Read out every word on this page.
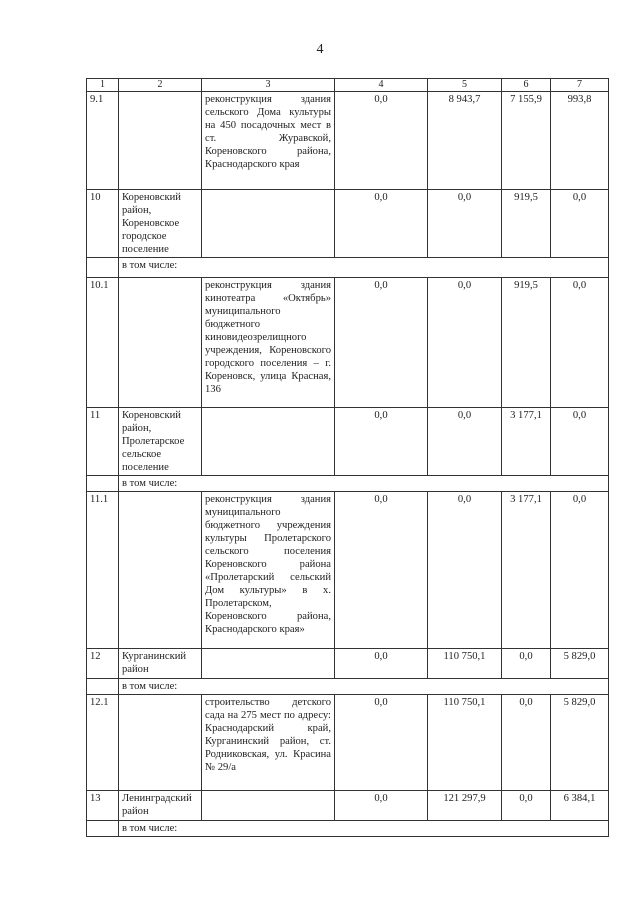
4
1	2	3	4	5	6	7
9.1		реконструкция здания сельского Дома культуры на 450 посадочных мест в ст. Журавской, Кореновского района, Краснодарского края	0,0	8 943,7	7 155,9	993,8
10	Кореновский район, Кореновское городское поселение		0,0	0,0	919,5	0,0
	в том числе:					
10.1		реконструкция здания кинотеатра «Октябрь» муниципального бюджетного киновидеозрелищного учреждения, Кореновского городского поселения – г. Кореновск, улица Красная, 136	0,0	0,0	919,5	0,0
11	Кореновский район, Пролетарское сельское поселение		0,0	0,0	3 177,1	0,0
	в том числе:					
11.1		реконструкция здания муниципального бюджетного учреждения культуры Пролетарского сельского поселения Кореновского района «Пролетарский сельский Дом культуры» в х. Пролетарском, Кореновского района, Краснодарского края»	0,0	0,0	3 177,1	0,0
12	Курганинский район		0,0	110 750,1	0,0	5 829,0
	в том числе:					
12.1		строительство детского сада на 275 мест по адресу: Краснодарский край, Курганинский район, ст. Родниковская, ул. Красина № 29/а	0,0	110 750,1	0,0	5 829,0
13	Ленинградский район		0,0	121 297,9	0,0	6 384,1
	в том числе:					
